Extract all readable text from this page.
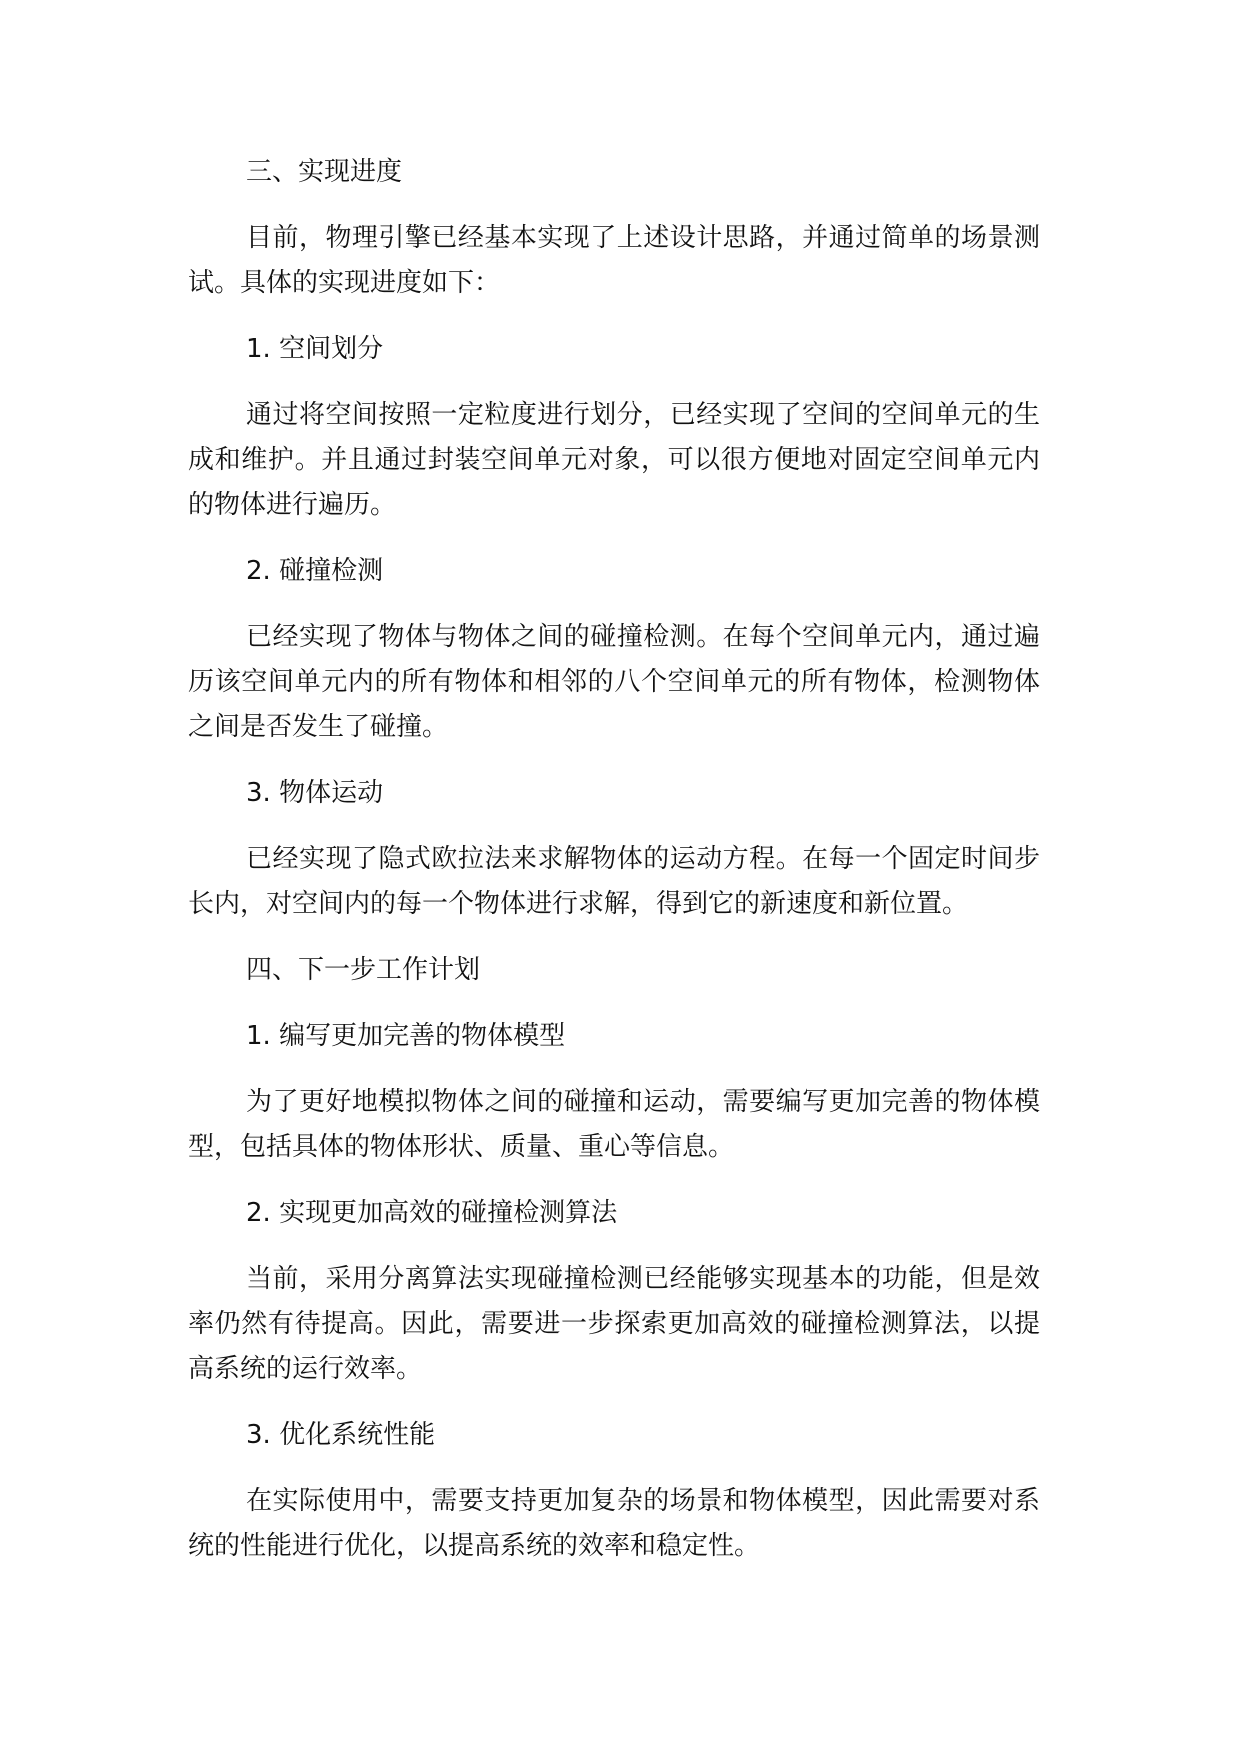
三、实现进度

目前，物理引擎已经基本实现了上述设计思路，并通过简单的场景测试。具体的实现进度如下：

1. 空间划分

通过将空间按照一定粒度进行划分，已经实现了空间的空间单元的生成和维护。并且通过封装空间单元对象，可以很方便地对固定空间单元内的物体进行遍历。

2. 碰撞检测

已经实现了物体与物体之间的碰撞检测。在每个空间单元内，通过遍历该空间单元内的所有物体和相邻的八个空间单元的所有物体，检测物体之间是否发生了碰撞。

3. 物体运动

已经实现了隐式欧拉法来求解物体的运动方程。在每一个固定时间步长内，对空间内的每一个物体进行求解，得到它的新速度和新位置。

四、下一步工作计划

1. 编写更加完善的物体模型

为了更好地模拟物体之间的碰撞和运动，需要编写更加完善的物体模型，包括具体的物体形状、质量、重心等信息。

2. 实现更加高效的碰撞检测算法

当前，采用分离算法实现碰撞检测已经能够实现基本的功能，但是效率仍然有待提高。因此，需要进一步探索更加高效的碰撞检测算法，以提高系统的运行效率。

3. 优化系统性能

在实际使用中，需要支持更加复杂的场景和物体模型，因此需要对系统的性能进行优化，以提高系统的效率和稳定性。
